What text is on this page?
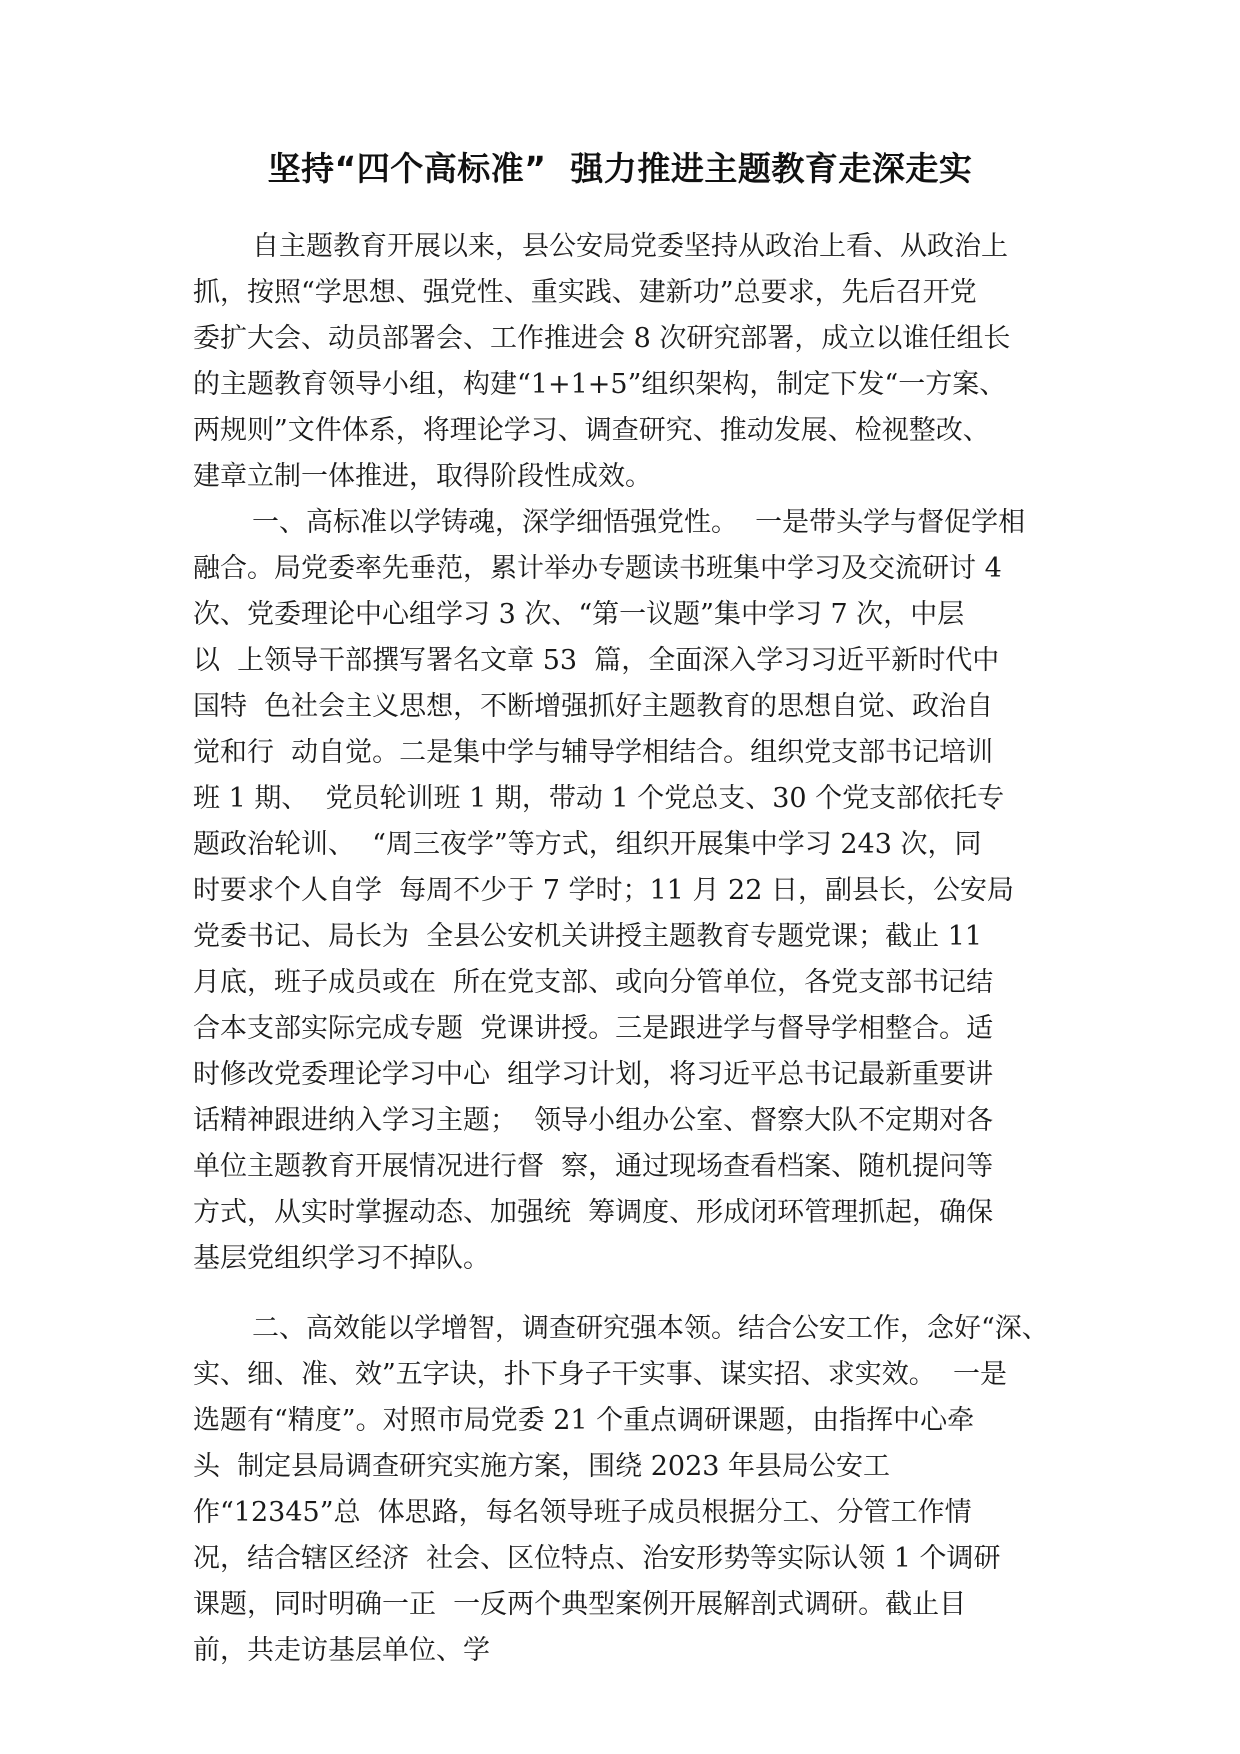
坚持“四个高标准”  强力推进主题教育走深走实

自主题教育开展以来，县公安局党委坚持从政治上看、从政治上

抓，按照“学思想、强党性、重实践、建新功”总要求，先后召开党

委扩大会、动员部署会、工作推进会 8 次研究部署，成立以谁任组长

的主题教育领导小组，构建“1+1+5”组织架构，制定下发“一方案、

两规则”文件体系，将理论学习、调查研究、推动发展、检视整改、

建章立制一体推进，取得阶段性成效。

一、高标准以学铸魂，深学细悟强党性。  一是带头学与督促学相

融合。局党委率先垂范，累计举办专题读书班集中学习及交流研讨 4

次、党委理论中心组学习 3 次、“第一议题”集中学习 7 次，中层

以  上领导干部撰写署名文章 53  篇，全面深入学习习近平新时代中

国特  色社会主义思想，不断增强抓好主题教育的思想自觉、政治自

觉和行  动自觉。二是集中学与辅导学相结合。组织党支部书记培训

班 1 期、  党员轮训班 1 期，带动 1 个党总支、30 个党支部依托专

题政治轮训、  “周三夜学”等方式，组织开展集中学习 243 次，同

时要求个人自学  每周不少于 7 学时；11 月 22 日，副县长，公安局

党委书记、局长为  全县公安机关讲授主题教育专题党课；截止 11

月底，班子成员或在  所在党支部、或向分管单位，各党支部书记结

合本支部实际完成专题  党课讲授。三是跟进学与督导学相整合。适

时修改党委理论学习中心  组学习计划，将习近平总书记最新重要讲

话精神跟进纳入学习主题；  领导小组办公室、督察大队不定期对各

单位主题教育开展情况进行督  察，通过现场查看档案、随机提问等

方式，从实时掌握动态、加强统  筹调度、形成闭环管理抓起，确保

基层党组织学习不掉队。

二、高效能以学增智，调查研究强本领。结合公安工作，念好“深、

实、细、准、效”五字诀，扑下身子干实事、谋实招、求实效。  一是

选题有“精度”。对照市局党委 21 个重点调研课题，由指挥中心牵

头  制定县局调查研究实施方案，围绕 2023 年县局公安工

作“12345”总  体思路，每名领导班子成员根据分工、分管工作情

况，结合辖区经济  社会、区位特点、治安形势等实际认领 1 个调研

课题，同时明确一正  一反两个典型案例开展解剖式调研。截止目

前，共走访基层单位、学
